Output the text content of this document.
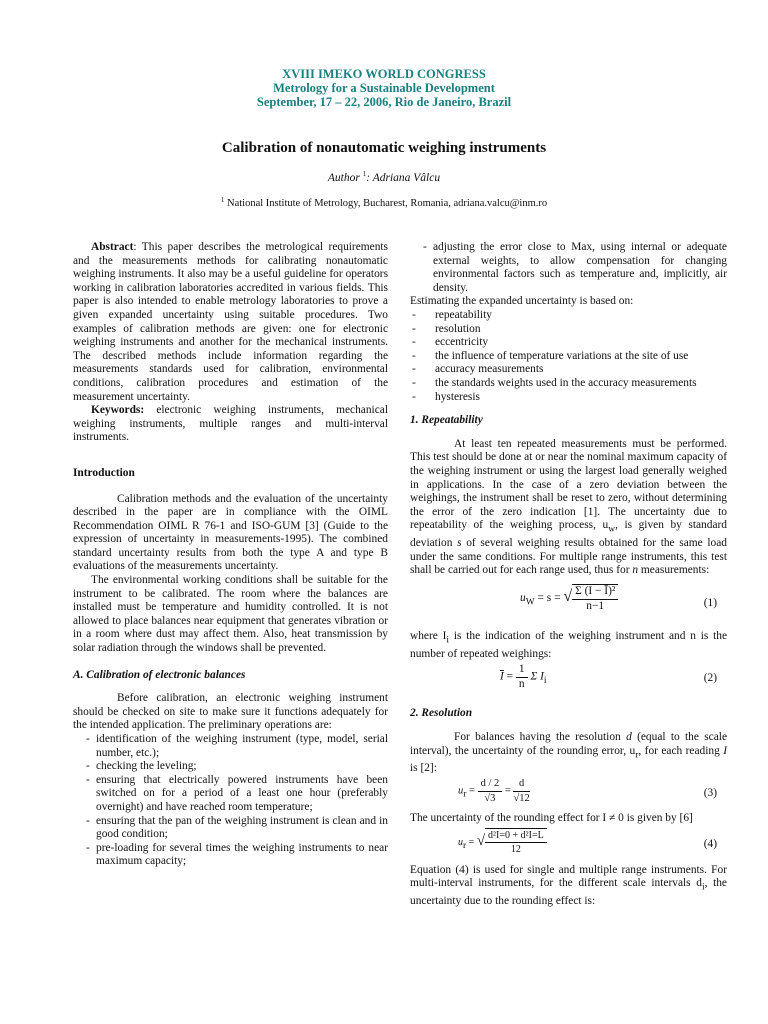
XVIII IMEKO WORLD CONGRESS
Metrology for a Sustainable Development
September, 17 – 22, 2006, Rio de Janeiro, Brazil
Calibration of nonautomatic weighing instruments
Author $^1$: Adriana Vâlcu
$^1$ National Institute of Metrology, Bucharest, Romania, adriana.valcu@inm.ro

Abstract: This paper describes the metrological requirements and the measurements methods for calibrating nonautomatic weighing instruments. It also may be a useful guideline for operators working in calibration laboratories accredited in various fields. This paper is also intended to enable metrology laboratories to prove a given expanded uncertainty using suitable procedures. Two examples of calibration methods are given: one for electronic weighing instruments and another for the mechanical instruments. The described methods include information regarding the measurements standards used for calibration, environmental conditions, calibration procedures and estimation of the measurement uncertainty.

Keywords: electronic weighing instruments, mechanical weighing instruments, multiple ranges and multi-interval instruments.

Introduction

Calibration methods and the evaluation of the uncertainty described in the paper are in compliance with the OIML Recommendation OIML R 76-1 and ISO-GUM [3] (Guide to the expression of uncertainty in measurements-1995). The combined standard uncertainty results from both the type A and type B evaluations of the measurements uncertainty.

The environmental working conditions shall be suitable for the instrument to be calibrated. The room where the balances are installed must be temperature and humidity controlled. It is not allowed to place balances near equipment that generates vibration or in a room where dust may affect them. Also, heat transmission by solar radiation through the windows shall be prevented.

A. Calibration of electronic balances

Before calibration, an electronic weighing instrument should be checked on site to make sure it functions adequately for the intended application. The preliminary operations are:

- identification of the weighing instrument (type, model, serial number, etc.);
- checking the leveling;
- ensuring that electrically powered instruments have been switched on for a period of a least one hour (preferably overnight) and have reached room temperature;
- ensuring that the pan of the weighing instrument is clean and in good condition;
- pre-loading for several times the weighing instruments to near maximum capacity;
- adjusting the error close to Max, using internal or adequate external weights, to allow compensation for changing environmental factors such as temperature and, implicitly, air density.

Estimating the expanded uncertainty is based on:

- repeatability
- resolution
- eccentricity
- the influence of temperature variations at the site of use
- accuracy measurements
- the standards weights used in the accuracy measurements
- hysteresis
1. Repeatability

At least ten repeated measurements must be performed. This test should be done at or near the nominal maximum capacity of the weighing instrument or using the largest load generally weighed in applications. In the case of a zero deviation between the weighings, the instrument shall be reset to zero, without determining the error of the zero indication [1]. The uncertainty due to repeatability of the weighing process, $u_w$, is given by standard deviation s of several weighing results obtained for the same load under the same conditions. For multiple range instruments, this test shall be carried out for each range used, thus for n measurements:

$u_W = s$ = √ $\frac{\text{Σ (I − Ī)²}}{n-1}$	(1)

where $I_i$ is the indication of the weighing instrument and n is the number of repeated weighings:

$\overline{I} = \frac{1}{n}$ Σ $I_i$	(2)
2. Resolution

For balances having the resolution d (equal to the scale interval), the uncertainty of the rounding error, $u_r$, for each reading I is [2]:

$u_r = \frac{d / 2}{√3} = \frac{d}{√12}$	(3)

The uncertainty of the rounding effect for I ≠ 0 is given by [6]

$u_r$ = √ $\frac{\text{d²I=0 + d²I=L}}{12}$	(4)

Equation (4) is used for single and multiple range instruments. For multi-interval instruments, for the different scale intervals $d_i$, the uncertainty due to the rounding effect is:
